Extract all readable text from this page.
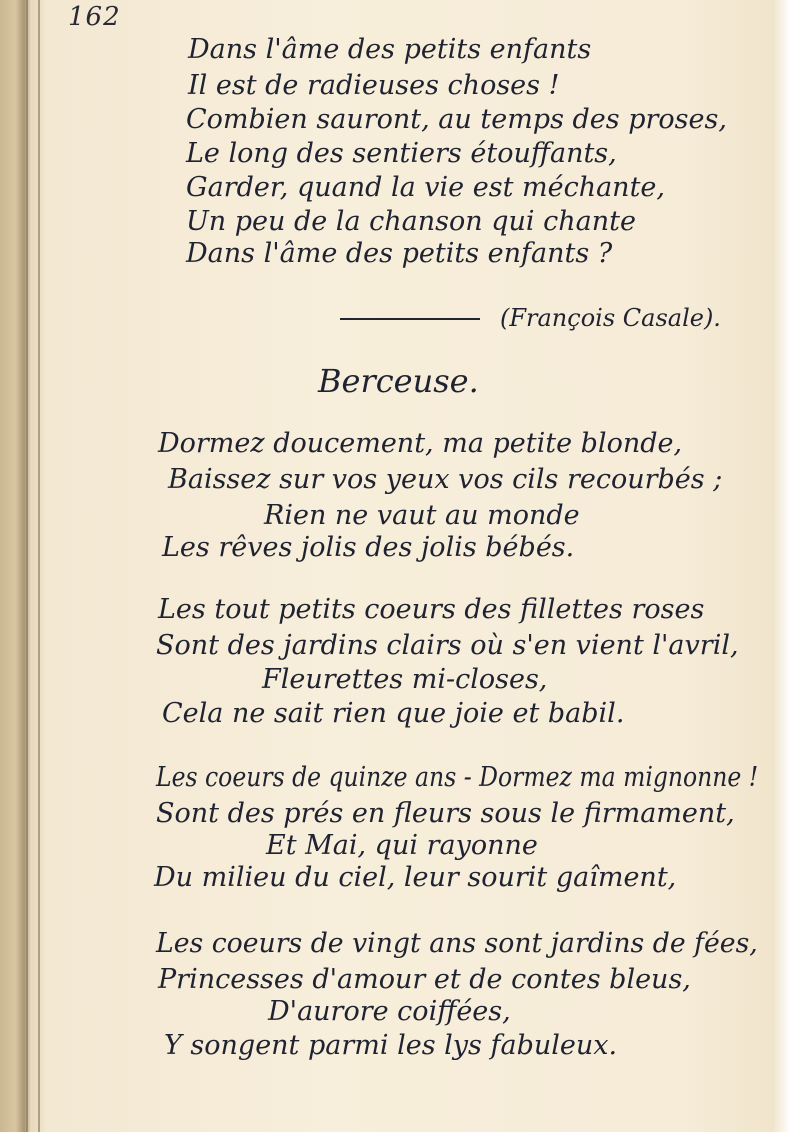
162
Dans l'âme des petits enfants
Il est de radieuses choses !
Combien sauront, au temps des proses,
Le long des sentiers étouffants,
Garder, quand la vie est méchante,
Un peu de la chanson qui chante
Dans l'âme des petits enfants ?
(François Casale).
Berceuse.
Dormez doucement, ma petite blonde,
Baissez sur vos yeux vos cils recourbés ;
Rien ne vaut au monde
Les rêves jolis des jolis bébés.
Les tout petits coeurs des fillettes roses
Sont des jardins clairs où s'en vient l'avril,
Fleurettes mi-closes,
Cela ne sait rien que joie et babil.
Les coeurs de quinze ans - Dormez ma mignonne !
Sont des prés en fleurs sous le firmament,
Et Mai, qui rayonne
Du milieu du ciel, leur sourit gaîment,
Les coeurs de vingt ans sont jardins de fées,
Princesses d'amour et de contes bleus,
D'aurore coiffées,
Y songent parmi les lys fabuleux.
